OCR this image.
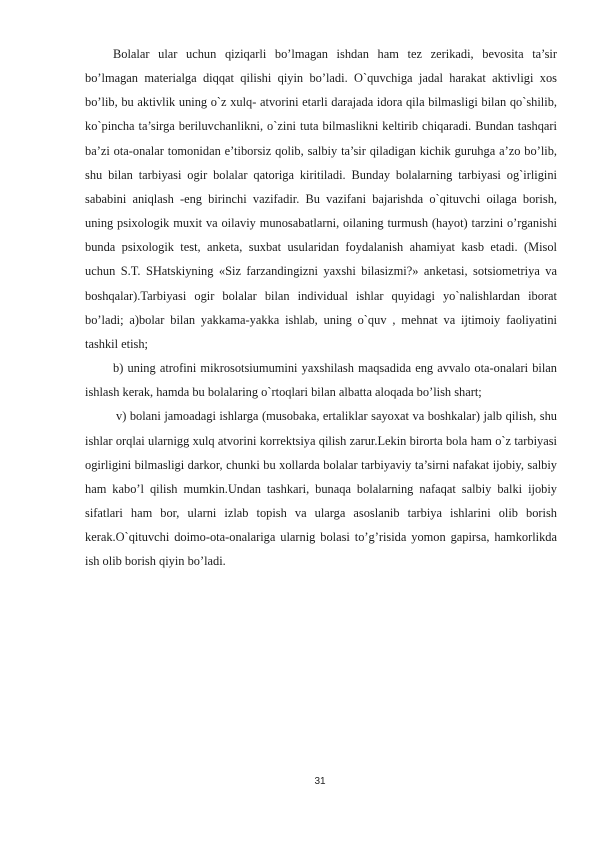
Bolalar ular uchun qiziqarli bo’lmagan ishdan ham tez zerikadi, bevosita ta’sir bo’lmagan materialga diqqat qilishi qiyin bo’ladi. O`quvchiga jadal harakat aktivligi xos bo’lib, bu aktivlik uning o`z xulq- atvorini etarli darajada idora qila bilmasligi bilan qo`shilib, ko`pincha ta’sirga beriluvchanlikni, o`zini tuta bilmaslikni keltirib chiqaradi. Bundan tashqari ba’zi ota-onalar tomonidan e’tiborsiz qolib, salbiy ta’sir qiladigan kichik guruhga a’zo bo’lib, shu bilan tarbiyasi ogir bolalar qatoriga kiritiladi. Bunday bolalarning tarbiyasi og`irligini sababini aniqlash -eng birinchi vazifadir. Bu vazifani bajarishda o`qituvchi oilaga borish, uning psixologik muxit va oilaviy munosabatlarni, oilaning turmush (hayot) tarzini o’rganishi bunda psixologik test, anketa, suxbat usularidan foydalanish ahamiyat kasb etadi. (Misol uchun S.T. SHatskiyning «Siz farzandingizni yaxshi bilasizmi?» anketasi, sotsiometriya va boshqalar).Tarbiyasi ogir bolalar bilan individual ishlar quyidagi yo`nalishlardan iborat bo’ladi; a)bolar bilan yakkama-yakka ishlab, uning o`quv , mehnat va ijtimoiy faoliyatini tashkil etish;

b) uning atrofini mikrosotsiumumini yaxshilash maqsadida eng avvalo ota-onalari bilan ishlash kerak, hamda bu bolalaring o`rtoqlari bilan albatta aloqada bo’lish shart;

v) bolani jamoadagi ishlarga (musobaka, ertaliklar sayoxat va boshkalar) jalb qilish, shu ishlar orqlai ularnigg xulq atvorini korrektsiya qilish zarur.Lekin birorta bola ham o`z tarbiyasi ogirligini bilmasligi darkor, chunki bu xollarda bolalar tarbiyaviy ta’sirni nafakat ijobiy, salbiy ham kabo’l qilish mumkin.Undan tashkari, bunaqa bolalarning nafaqat salbiy balki ijobiy sifatlari ham bor, ularni izlab topish va ularga asoslanib tarbiya ishlarini olib borish kerak.O`qituvchi doimo-ota-onalariga ularnig bolasi to’g’risida yomon gapirsa, hamkorlikda ish olib borish qiyin bo’ladi.

31
